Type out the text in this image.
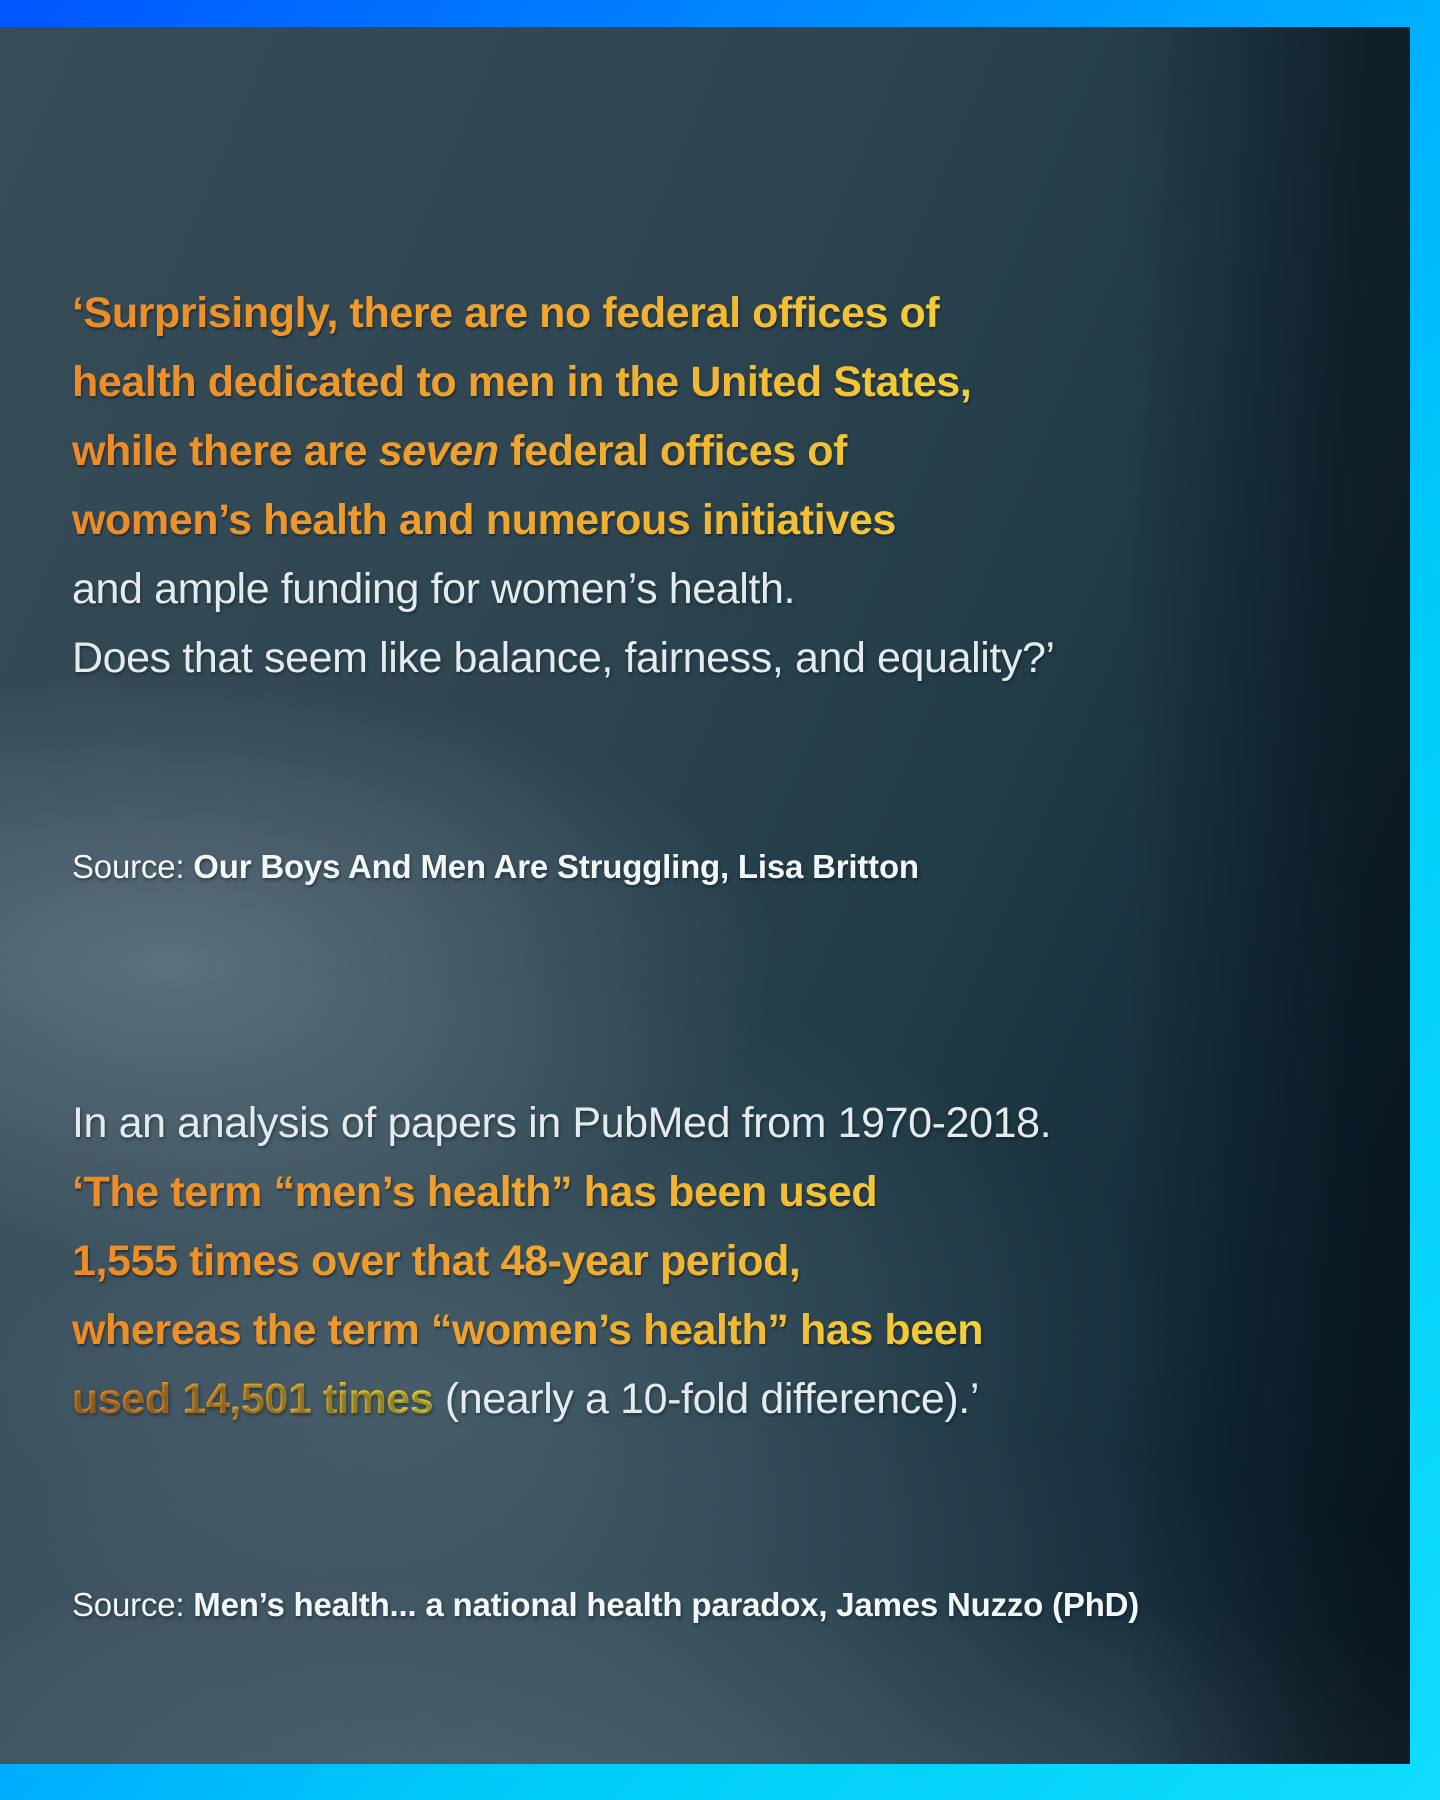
‘Surprisingly, there are no federal offices of

health dedicated to men in the United States,

while there are seven federal offices of

women’s health and numerous initiatives

and ample funding for women’s health.

Does that seem like balance, fairness, and equality?’

Source: Our Boys And Men Are Struggling, Lisa Britton

In an analysis of papers in PubMed from 1970-2018.

‘The term “men’s health” has been used

1,555 times over that 48-year period,

whereas the term “women’s health” has been

used 14,501 times (nearly a 10-fold difference).’

Source: Men’s health... a national health paradox, James Nuzzo (PhD)
